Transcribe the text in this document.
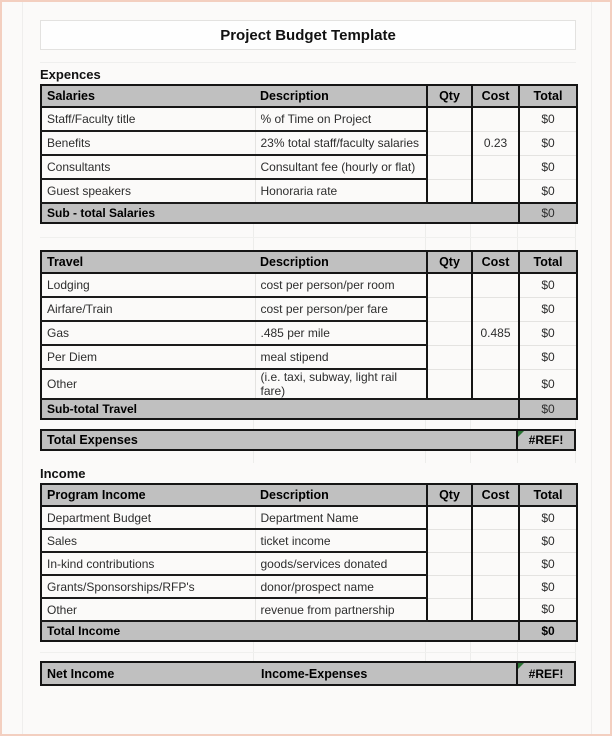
Project Budget Template
Expences
Salaries	Description	Qty	Cost	Total
Staff/Faculty title	% of Time on Project			$0
Benefits	23% total staff/faculty salaries		0.23	$0
Consultants	Consultant fee (hourly or flat)			$0
Guest speakers	Honoraria rate			$0
Sub - total Salaries				$0
Travel	Description	Qty	Cost	Total
Lodging	cost per person/per room			$0
Airfare/Train	cost per person/per fare			$0
Gas	.485 per mile		0.485	$0
Per Diem	meal stipend			$0
Other	(i.e. taxi, subway, light rail fare)			$0
Sub-total Travel				$0
Total Expenses	#REF!
Income
Program Income	Description	Qty	Cost	Total
Department Budget	Department Name			$0
Sales	ticket income			$0
In-kind contributions	goods/services donated			$0
Grants/Sponsorships/RFP's	donor/prospect name			$0
Other	revenue from partnership			$0
Total Income				$0
Net Income	Income-Expenses	#REF!
